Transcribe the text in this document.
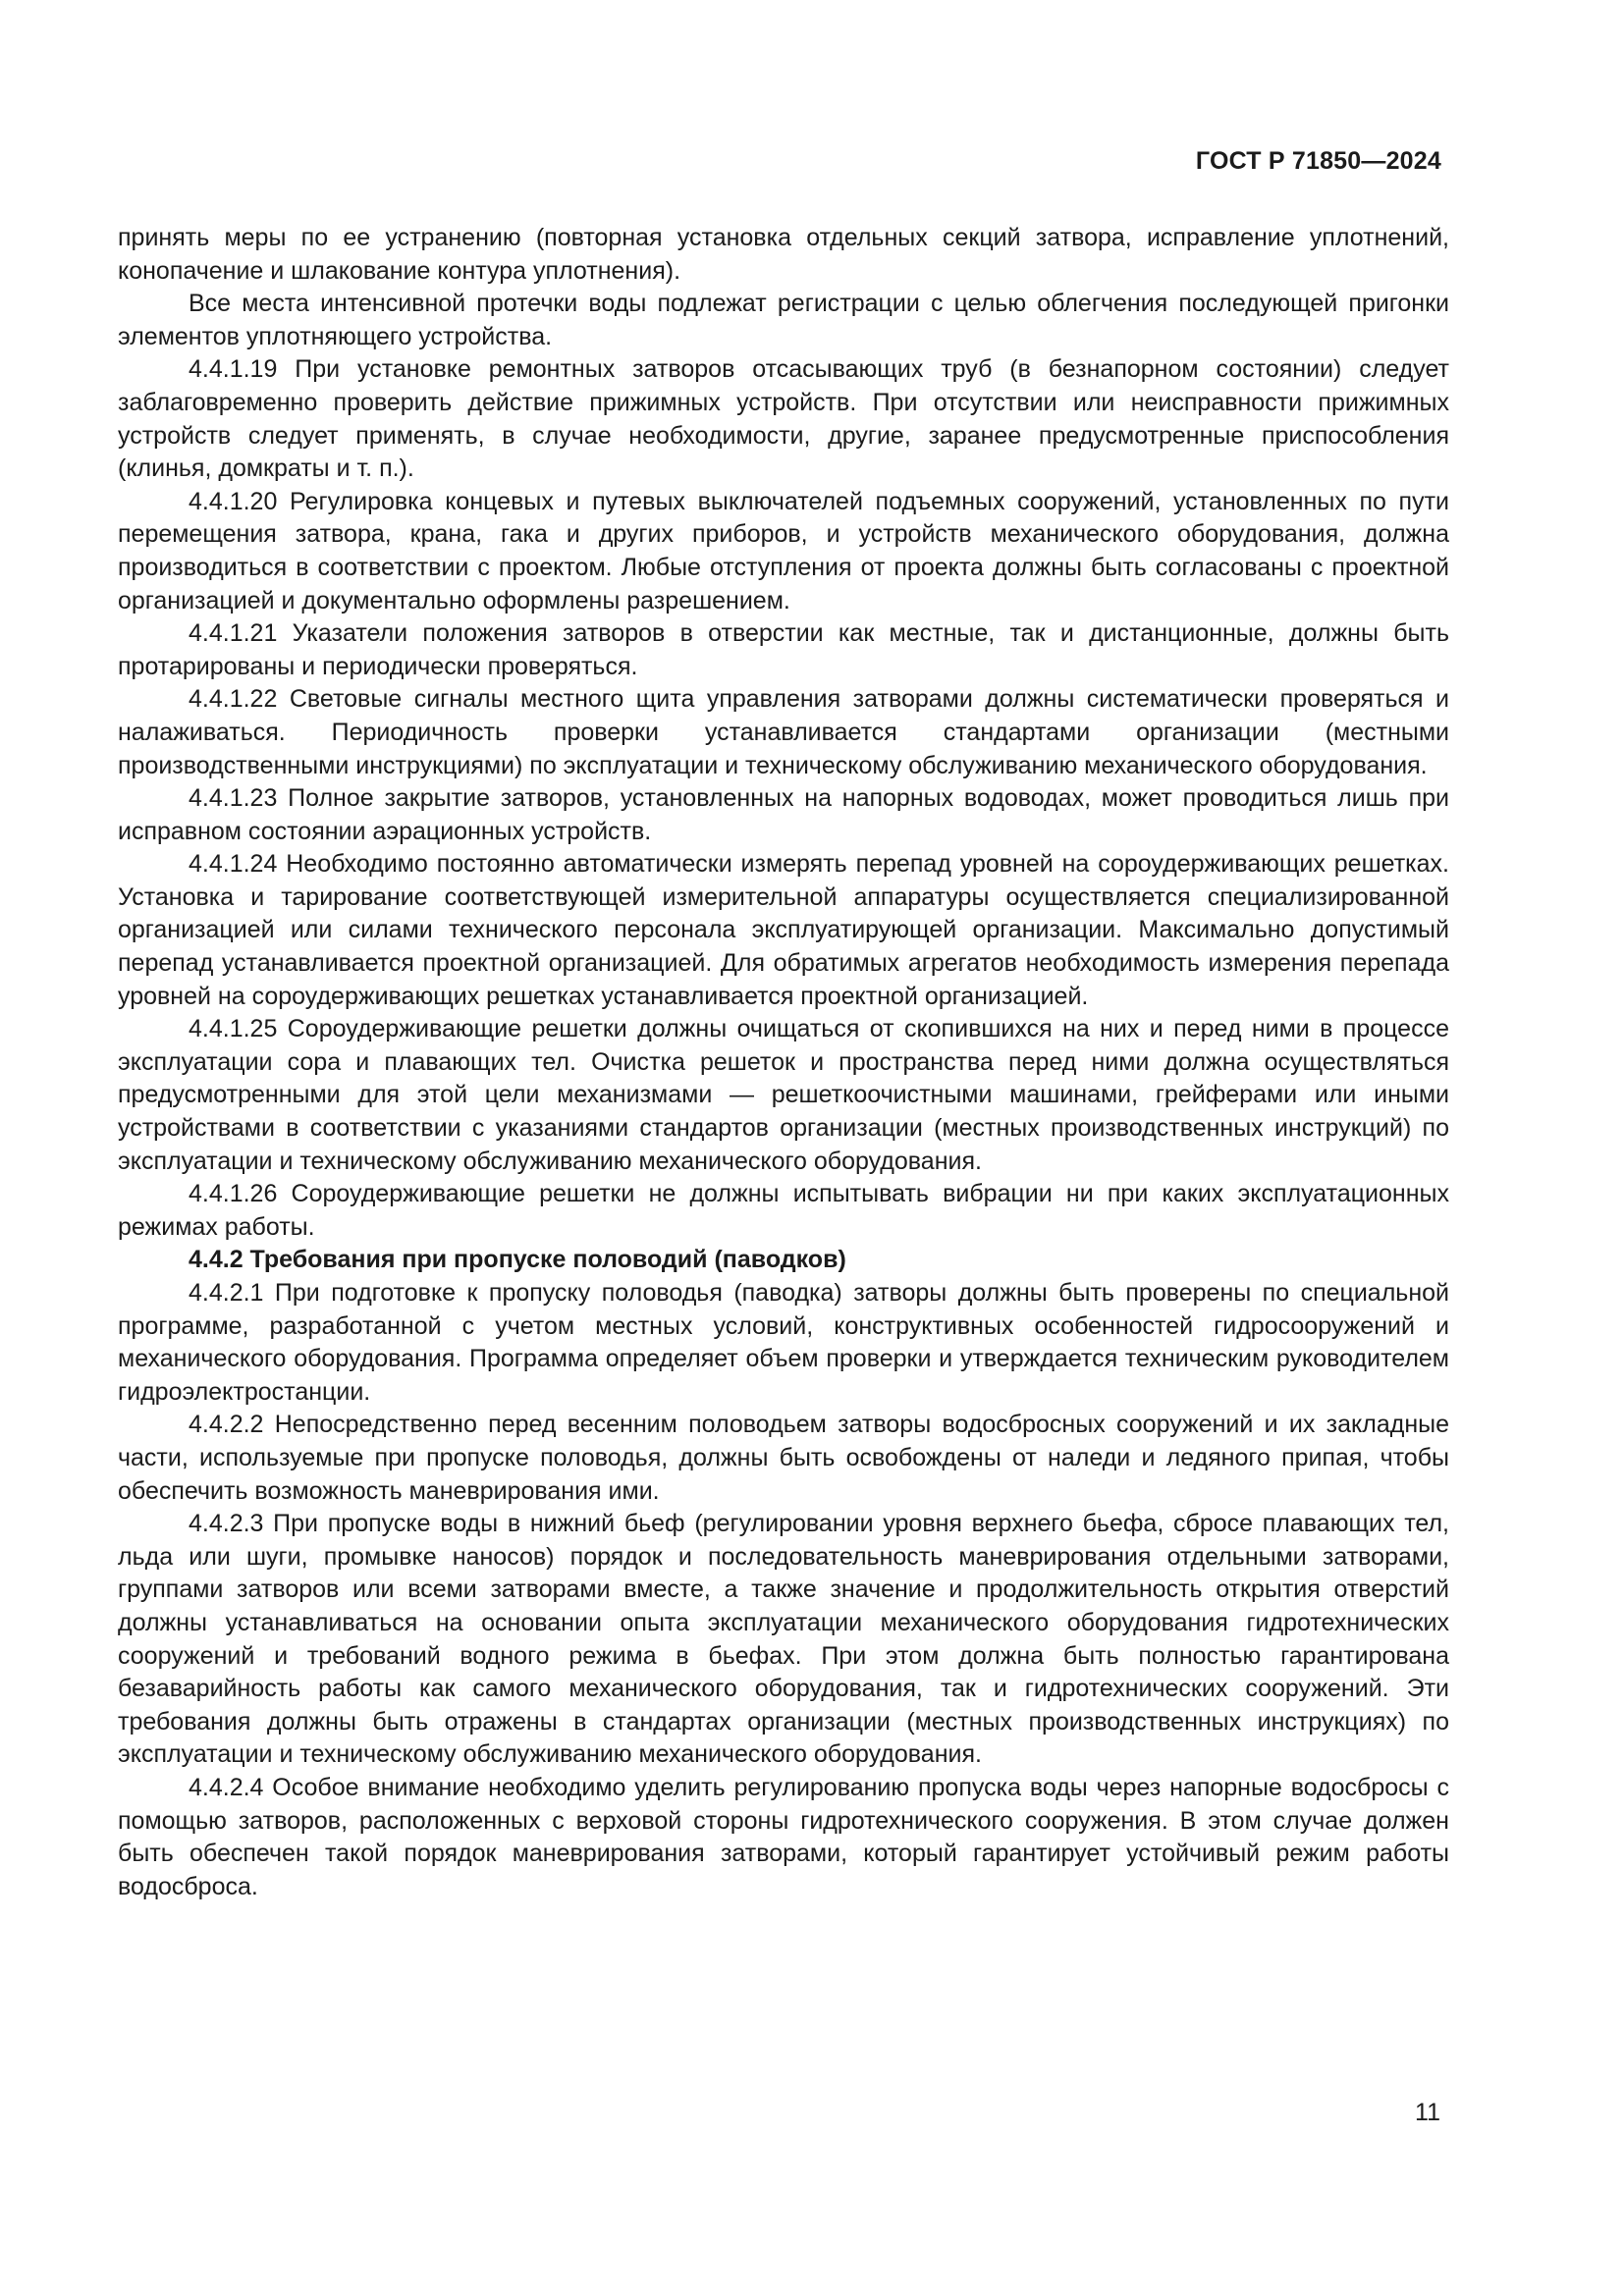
ГОСТ Р 71850—2024

принять меры по ее устранению (повторная установка отдельных секций затвора, исправление уплотнений, конопачение и шлакование контура уплотнения).

Все места интенсивной протечки воды подлежат регистрации с целью облегчения последующей пригонки элементов уплотняющего устройства.

4.4.1.19 При установке ремонтных затворов отсасывающих труб (в безнапорном состоянии) следует заблаговременно проверить действие прижимных устройств. При отсутствии или неисправности прижимных устройств следует применять, в случае необходимости, другие, заранее предусмотренные приспособления (клинья, домкраты и т. п.).

4.4.1.20 Регулировка концевых и путевых выключателей подъемных сооружений, установленных по пути перемещения затвора, крана, гака и других приборов, и устройств механического оборудования, должна производиться в соответствии с проектом. Любые отступления от проекта должны быть согласованы с проектной организацией и документально оформлены разрешением.

4.4.1.21 Указатели положения затворов в отверстии как местные, так и дистанционные, должны быть протарированы и периодически проверяться.

4.4.1.22 Световые сигналы местного щита управления затворами должны систематически проверяться и налаживаться. Периодичность проверки устанавливается стандартами организации (местными производственными инструкциями) по эксплуатации и техническому обслуживанию механического оборудования.

4.4.1.23 Полное закрытие затворов, установленных на напорных водоводах, может проводиться лишь при исправном состоянии аэрационных устройств.

4.4.1.24 Необходимо постоянно автоматически измерять перепад уровней на сороудерживающих решетках. Установка и тарирование соответствующей измерительной аппаратуры осуществляется специализированной организацией или силами технического персонала эксплуатирующей организации. Максимально допустимый перепад устанавливается проектной организацией. Для обратимых агрегатов необходимость измерения перепада уровней на сороудерживающих решетках устанавливается проектной организацией.

4.4.1.25 Сороудерживающие решетки должны очищаться от скопившихся на них и перед ними в процессе эксплуатации сора и плавающих тел. Очистка решеток и пространства перед ними должна осуществляться предусмотренными для этой цели механизмами — решеткоочистными машинами, грейферами или иными устройствами в соответствии с указаниями стандартов организации (местных производственных инструкций) по эксплуатации и техническому обслуживанию механического оборудования.

4.4.1.26 Сороудерживающие решетки не должны испытывать вибрации ни при каких эксплуатационных режимах работы.

4.4.2 Требования при пропуске половодий (паводков)

4.4.2.1 При подготовке к пропуску половодья (паводка) затворы должны быть проверены по специальной программе, разработанной с учетом местных условий, конструктивных особенностей гидросооружений и механического оборудования. Программа определяет объем проверки и утверждается техническим руководителем гидроэлектростанции.

4.4.2.2 Непосредственно перед весенним половодьем затворы водосбросных сооружений и их закладные части, используемые при пропуске половодья, должны быть освобождены от наледи и ледяного припая, чтобы обеспечить возможность маневрирования ими.

4.4.2.3 При пропуске воды в нижний бьеф (регулировании уровня верхнего бьефа, сбросе плавающих тел, льда или шуги, промывке наносов) порядок и последовательность маневрирования отдельными затворами, группами затворов или всеми затворами вместе, а также значение и продолжительность открытия отверстий должны устанавливаться на основании опыта эксплуатации механического оборудования гидротехнических сооружений и требований водного режима в бьефах. При этом должна быть полностью гарантирована безаварийность работы как самого механического оборудования, так и гидротехнических сооружений. Эти требования должны быть отражены в стандартах организации (местных производственных инструкциях) по эксплуатации и техническому обслуживанию механического оборудования.

4.4.2.4 Особое внимание необходимо уделить регулированию пропуска воды через напорные водосбросы с помощью затворов, расположенных с верховой стороны гидротехнического сооружения. В этом случае должен быть обеспечен такой порядок маневрирования затворами, который гарантирует устойчивый режим работы водосброса.

11
